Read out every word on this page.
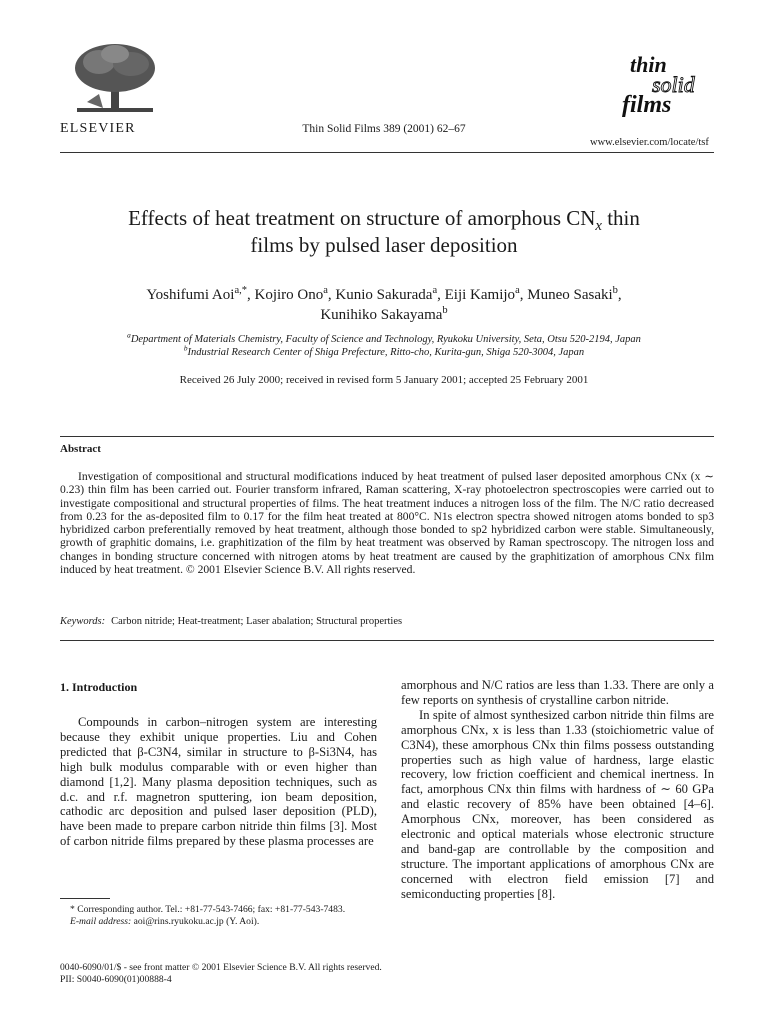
ELSEVIER	Thin Solid Films 389 (2001) 62–67
thin
solid
films
www.elsevier.com/locate/tsf
Effects of heat treatment on structure of amorphous $CN_x$ thin
films by pulsed laser deposition
Yoshifumi Aoi$^{a,*}$, Kojiro Ono$^a$, Kunio Sakurada$^a$, Eiji Kamijo$^a$, Muneo Sasaki$^b$,
Kunihiko Sakayama$^b$
$^a$Department of Materials Chemistry, Faculty of Science and Technology, Ryukoku University, Seta, Otsu 520-2194, Japan
$^b$Industrial Research Center of Shiga Prefecture, Ritto-cho, Kurita-gun, Shiga 520-3004, Japan
Received 26 July 2000; received in revised form 5 January 2001; accepted 25 February 2001
Abstract
Investigation of compositional and structural modifications induced by heat treatment of pulsed laser deposited amorphous CNx (x ∼ 0.23) thin film has been carried out. Fourier transform infrared, Raman scattering, X-ray photoelectron spectroscopies were carried out to investigate compositional and structural properties of films. The heat treatment induces a nitrogen loss of the film. The N/C ratio decreased from 0.23 for the as-deposited film to 0.17 for the film heat treated at 800°C. N1s electron spectra showed nitrogen atoms bonded to sp3 hybridized carbon preferentially removed by heat treatment, although those bonded to sp2 hybridized carbon were stable. Simultaneously, growth of graphitic domains, i.e. graphitization of the film by heat treatment was observed by Raman spectroscopy. The nitrogen loss and changes in bonding structure concerned with nitrogen atoms by heat treatment are caused by the graphitization of amorphous CNx film induced by heat treatment. © 2001 Elsevier Science B.V. All rights reserved.
Keywords: Carbon nitride; Heat-treatment; Laser abalation; Structural properties
1. Introduction

Compounds in carbon–nitrogen system are interesting because they exhibit unique properties. Liu and Cohen predicted that β-C3N4, similar in structure to β-Si3N4, has high bulk modulus comparable with or even higher than diamond [1,2]. Many plasma deposition techniques, such as d.c. and r.f. magnetron sputtering, ion beam deposition, cathodic arc deposition and pulsed laser deposition (PLD), have been made to prepare carbon nitride thin films [3]. Most of carbon nitride films prepared by these plasma processes are

amorphous and N/C ratios are less than 1.33. There are only a few reports on synthesis of crystalline carbon nitride.

In spite of almost synthesized carbon nitride thin films are amorphous CNx, x is less than 1.33 (stoichiometric value of C3N4), these amorphous CNx thin films possess outstanding properties such as high value of hardness, large elastic recovery, low friction coefficient and chemical inertness. In fact, amorphous CNx thin films with hardness of ∼ 60 GPa and elastic recovery of 85% have been obtained [4–6]. Amorphous CNx, moreover, has been considered as electronic and optical materials whose electronic structure and band-gap are controllable by the composition and structure. The important applications of amorphous CNx are concerned with electron field emission [7] and semiconducting properties [8].

* Corresponding author. Tel.: +81-77-543-7466; fax: +81-77-543-7483.
E-mail address: aoi@rins.ryukoku.ac.jp (Y. Aoi).
0040-6090/01/$ - see front matter © 2001 Elsevier Science B.V. All rights reserved.
PII: S0040-6090(01)00888-4
